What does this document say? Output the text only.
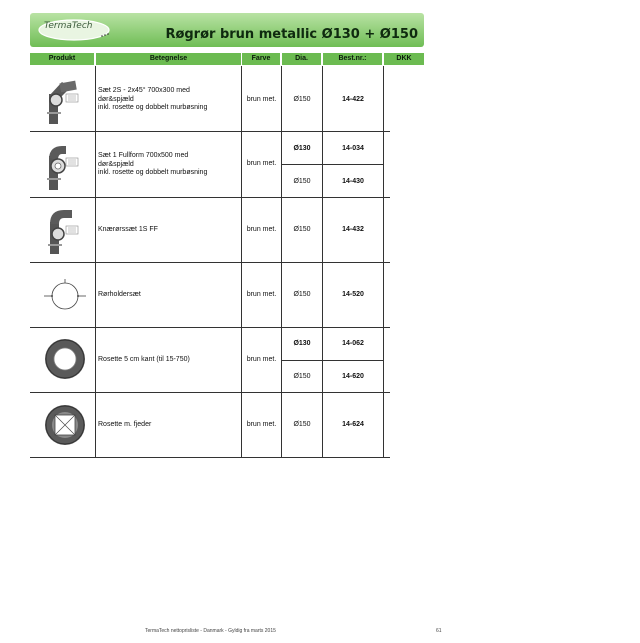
TermaTech
Røgrør brun metallic Ø130 + Ø150
Produkt	Betegnelse	Farve	Dia.	Best.nr.:	DKK
Sæt 2S - 2x45° 700x300 med
dør&spjæld
inkl. rosette og dobbelt murbøsning
brun met.	Ø150	14-422
Sæt 1 Fullform 700x500 med
dør&spjæld
inkl. rosette og dobbelt murbøsning
brun met.
Ø130	14-034
Ø150	14-430
Knærørssæt 1S FF	brun met.	Ø150	14-432
Rørholdersæt	brun met.	Ø150	14-520
Rosette 5 cm kant (til 15-750)	brun met.
Ø130	14-062
Ø150	14-620
Rosette m. fjeder	brun met.	Ø150	14-624
TermaTech nettoprisliste - Danmark - Gyldig fra marts 2015	61
